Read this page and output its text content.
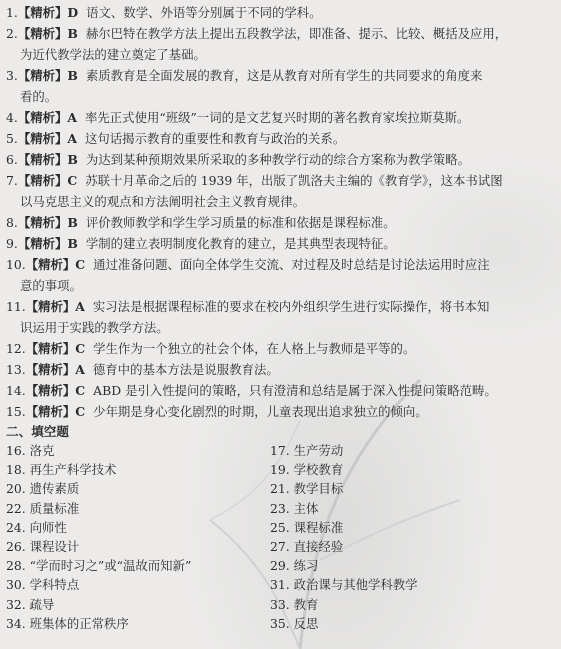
1.【精析】D 语文、数学、外语等分别属于不同的学科。
2.【精析】B 赫尔巴特在教学方法上提出五段教学法，即准备、提示、比较、概括及应用，
为近代教学法的建立奠定了基础。
3.【精析】B 素质教育是全面发展的教育，这是从教育对所有学生的共同要求的角度来
看的。
4.【精析】A 率先正式使用“班级”一词的是文艺复兴时期的著名教育家埃拉斯莫斯。
5.【精析】A 这句话揭示教育的重要性和教育与政治的关系。
6.【精析】B 为达到某种预期效果所采取的多种教学行动的综合方案称为教学策略。
7.【精析】C 苏联十月革命之后的 1939 年，出版了凯洛夫主编的《教育学》，这本书试图
以马克思主义的观点和方法阐明社会主义教育规律。
8.【精析】B 评价教师教学和学生学习质量的标准和依据是课程标准。
9.【精析】B 学制的建立表明制度化教育的建立，是其典型表现特征。
10.【精析】C 通过准备问题、面向全体学生交流、对过程及时总结是讨论法运用时应注
意的事项。
11.【精析】A 实习法是根据课程标准的要求在校内外组织学生进行实际操作，将书本知
识运用于实践的教学方法。
12.【精析】C 学生作为一个独立的社会个体，在人格上与教师是平等的。
13.【精析】A 德育中的基本方法是说服教育法。
14.【精析】C ABD 是引入性提问的策略，只有澄清和总结是属于深入性提问策略范畴。
15.【精析】C 少年期是身心变化剧烈的时期，儿童表现出追求独立的倾向。
二、填空题
16. 洛克	17. 生产劳动
18. 再生产科学技术	19. 学校教育
20. 遗传素质	21. 教学目标
22. 质量标准	23. 主体
24. 向师性	25. 课程标准
26. 课程设计	27. 直接经验
28. “学而时习之”或“温故而知新”	29. 练习
30. 学科特点	31. 政治课与其他学科教学
32. 疏导	33. 教育
34. 班集体的正常秩序	35. 反思
